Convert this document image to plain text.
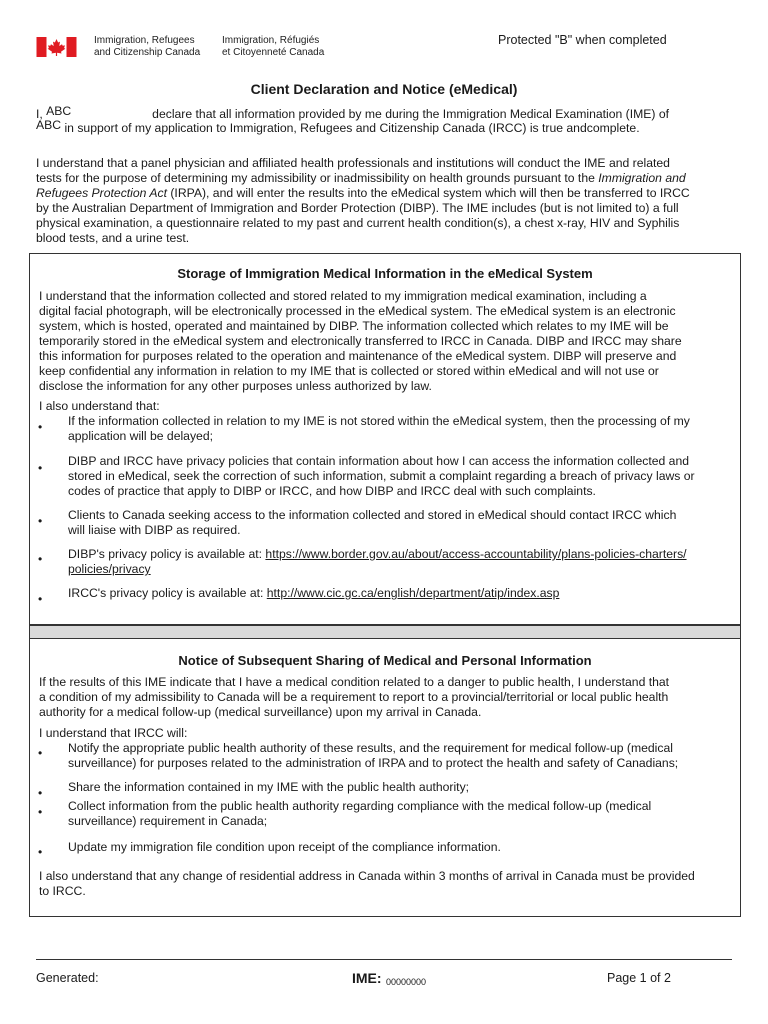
Immigration, Refugees
and Citizenship Canada
Immigration, Réfugiés
et Citoyenneté Canada
Protected "B" when completed
Client Declaration and Notice (eMedical)
I, ABC	declare that all information provided by me during the Immigration Medical Examination (IME) of
ABC in support of my application to Immigration, Refugees and Citizenship Canada (IRCC) is true andcomplete.
I understand that a panel physician and affiliated health professionals and institutions will conduct the IME and related
tests for the purpose of determining my admissibility or inadmissibility on health grounds pursuant to the Immigration and
Refugees Protection Act (IRPA), and will enter the results into the eMedical system which will then be transferred to IRCC
by the Australian Department of Immigration and Border Protection (DIBP). The IME includes (but is not limited to) a full
physical examination, a questionnaire related to my past and current health condition(s), a chest x-ray, HIV and Syphilis
blood tests, and a urine test.
Storage of Immigration Medical Information in the eMedical System
I understand that the information collected and stored related to my immigration medical examination, including a
digital facial photograph, will be electronically processed in the eMedical system. The eMedical system is an electronic
system, which is hosted, operated and maintained by DIBP. The information collected which relates to my IME will be
temporarily stored in the eMedical system and electronically transferred to IRCC in Canada. DIBP and IRCC may share
this information for purposes related to the operation and maintenance of the eMedical system. DIBP will preserve and
keep confidential any information in relation to my IME that is collected or stored within eMedical and will not use or
disclose the information for any other purposes unless authorized by law.
I also understand that:
• If the information collected in relation to my IME is not stored within the eMedical system, then the processing of my
application will be delayed;
• DIBP and IRCC have privacy policies that contain information about how I can access the information collected and
stored in eMedical, seek the correction of such information, submit a complaint regarding a breach of privacy laws or
codes of practice that apply to DIBP or IRCC, and how DIBP and IRCC deal with such complaints.
• Clients to Canada seeking access to the information collected and stored in eMedical should contact IRCC which
will liaise with DIBP as required.
• DIBP's privacy policy is available at: https://www.border.gov.au/about/access-accountability/plans-policies-charters/
policies/privacy
• IRCC's privacy policy is available at: http://www.cic.gc.ca/english/department/atip/index.asp
Notice of Subsequent Sharing of Medical and Personal Information
If the results of this IME indicate that I have a medical condition related to a danger to public health, I understand that
a condition of my admissibility to Canada will be a requirement to report to a provincial/territorial or local public health
authority for a medical follow-up (medical surveillance) upon my arrival in Canada.
I understand that IRCC will:
• Notify the appropriate public health authority of these results, and the requirement for medical follow-up (medical
surveillance) for purposes related to the administration of IRPA and to protect the health and safety of Canadians;
• Share the information contained in my IME with the public health authority;
• Collect information from the public health authority regarding compliance with the medical follow-up (medical
surveillance) requirement in Canada;
• Update my immigration file condition upon receipt of the compliance information.
I also understand that any change of residential address in Canada within 3 months of arrival in Canada must be provided
to IRCC.
Generated:	IME: 00000000	Page 1 of 2
